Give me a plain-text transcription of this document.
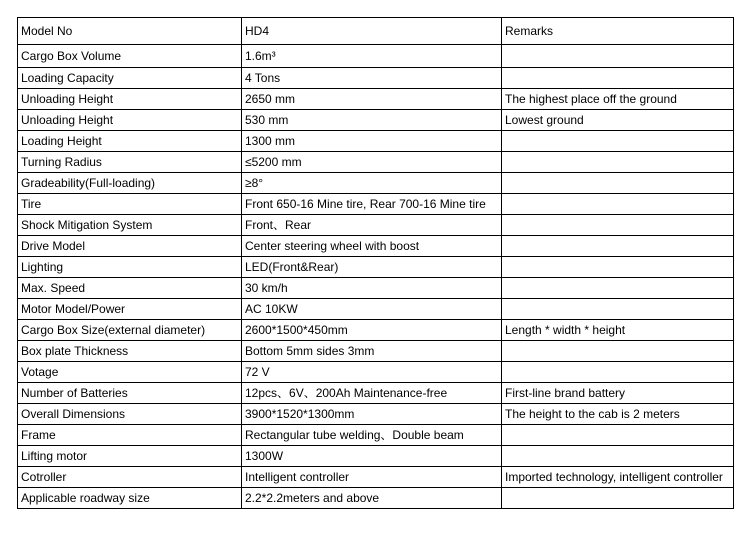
Model No	HD4	Remarks
Cargo Box Volume	1.6m³	
Loading Capacity	4 Tons	
Unloading Height	2650 mm	The highest place off the ground
Unloading Height	530 mm	Lowest ground
Loading Height	1300 mm	
Turning Radius	≤5200 mm	
Gradeability(Full-loading)	≥8°	
Tire	Front 650-16 Mine tire, Rear 700-16 Mine tire	
Shock Mitigation System	Front、Rear	
Drive Model	Center steering wheel with boost	
Lighting	LED(Front&Rear)	
Max. Speed	30 km/h	
Motor Model/Power	AC 10KW	
Cargo Box Size(external diameter)	2600*1500*450mm	Length * width * height
Box plate Thickness	Bottom 5mm sides 3mm	
Votage	72 V	
Number of Batteries	12pcs、6V、200Ah Maintenance-free	First-line brand battery
Overall Dimensions	3900*1520*1300mm	The height to the cab is 2 meters
Frame	Rectangular tube welding、Double beam	
Lifting motor	1300W	
Cotroller	Intelligent controller	Imported technology, intelligent controller
Applicable roadway size	2.2*2.2meters and above	
